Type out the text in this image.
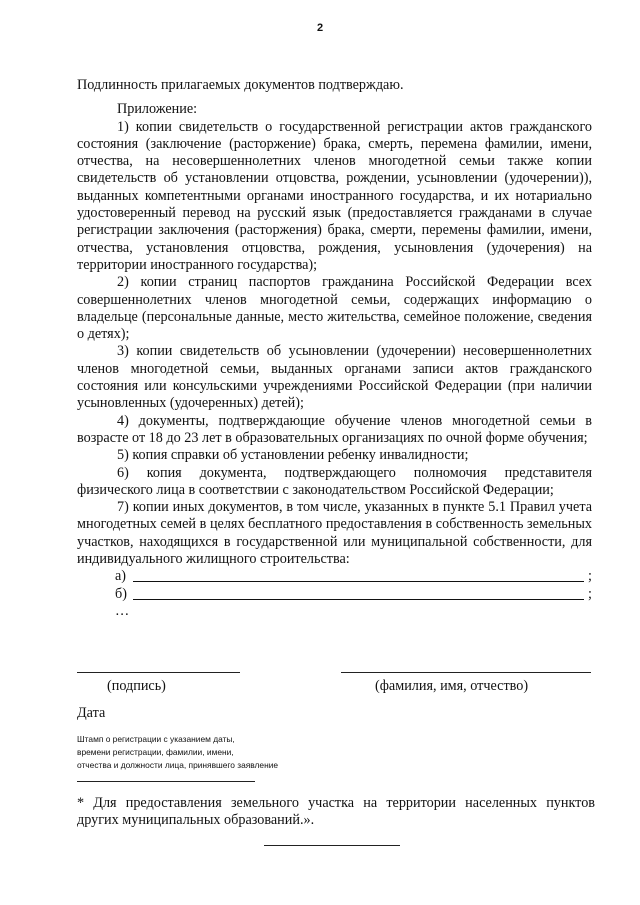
2

Подлинность прилагаемых документов подтверждаю.

Приложение:

1) копии свидетельств о государственной регистрации актов гражданского состояния (заключение (расторжение) брака, смерть, перемена фамилии, имени, отчества, на несовершеннолетних членов многодетной семьи также копии свидетельств об установлении отцовства, рождении, усыновлении (удочерении)), выданных компетентными органами иностранного государства, и их нотариально удостоверенный перевод на русский язык (предоставляется гражданами в случае регистрации заключения (расторжения) брака, смерти, перемены фамилии, имени, отчества, установления отцовства, рождения, усыновления (удочерения) на территории иностранного государства);

2) копии страниц паспортов гражданина Российской Федерации всех совершеннолетних членов многодетной семьи, содержащих информацию о владельце (персональные данные, место жительства, семейное положение, сведения о детях);

3) копии свидетельств об усыновлении (удочерении) несовершеннолетних членов многодетной семьи, выданных органами записи актов гражданского состояния или консульскими учреждениями Российской Федерации (при наличии усыновленных (удочеренных) детей);

4) документы, подтверждающие обучение членов многодетной семьи в возрасте от 18 до 23 лет в образовательных организациях по очной форме обучения;

5) копия справки об установлении ребенку инвалидности;

6) копия документа, подтверждающего полномочия представителя физического лица в соответствии с законодательством Российской Федерации;

7) копии иных документов, в том числе, указанных в пункте 5.1 Правил учета многодетных семей в целях бесплатного предоставления в собственность земельных участков, находящихся в государственной или муниципальной собственности, для индивидуального жилищного строительства:

а)	;
б)	;
…
(подпись)	(фамилия, имя, отчество)
Дата
Штамп о регистрации с указанием даты,
времени регистрации, фамилии, имени,
отчества и должности лица, принявшего заявление
* Для предоставления земельного участка на территории населенных пунктов других муниципальных образований.».
